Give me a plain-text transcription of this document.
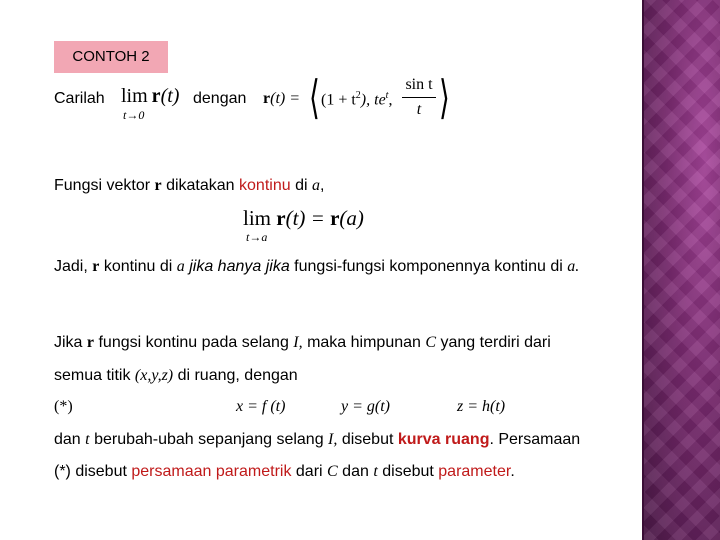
CONTOH 2
Carilah lim r(t)
t→0
dengan r(t) = ⟨ $(1 + t^2)$, $te^t$,
sin t
t ⟩
Fungsi vektor r dikatakan kontinu di a,
lim r(t) = r(a)
t→a
Jadi, r kontinu di a jika hanya jika fungsi-fungsi komponennya kontinu di a.
Jika r fungsi kontinu pada selang I, maka himpunan C yang terdiri dari
semua titik (x,y,z) di ruang, dengan
(*)	x = f (t)	y = g(t)	z = h(t)
dan t berubah-ubah sepanjang selang I, disebut kurva ruang. Persamaan
(*) disebut persamaan parametrik dari C dan t disebut parameter.
